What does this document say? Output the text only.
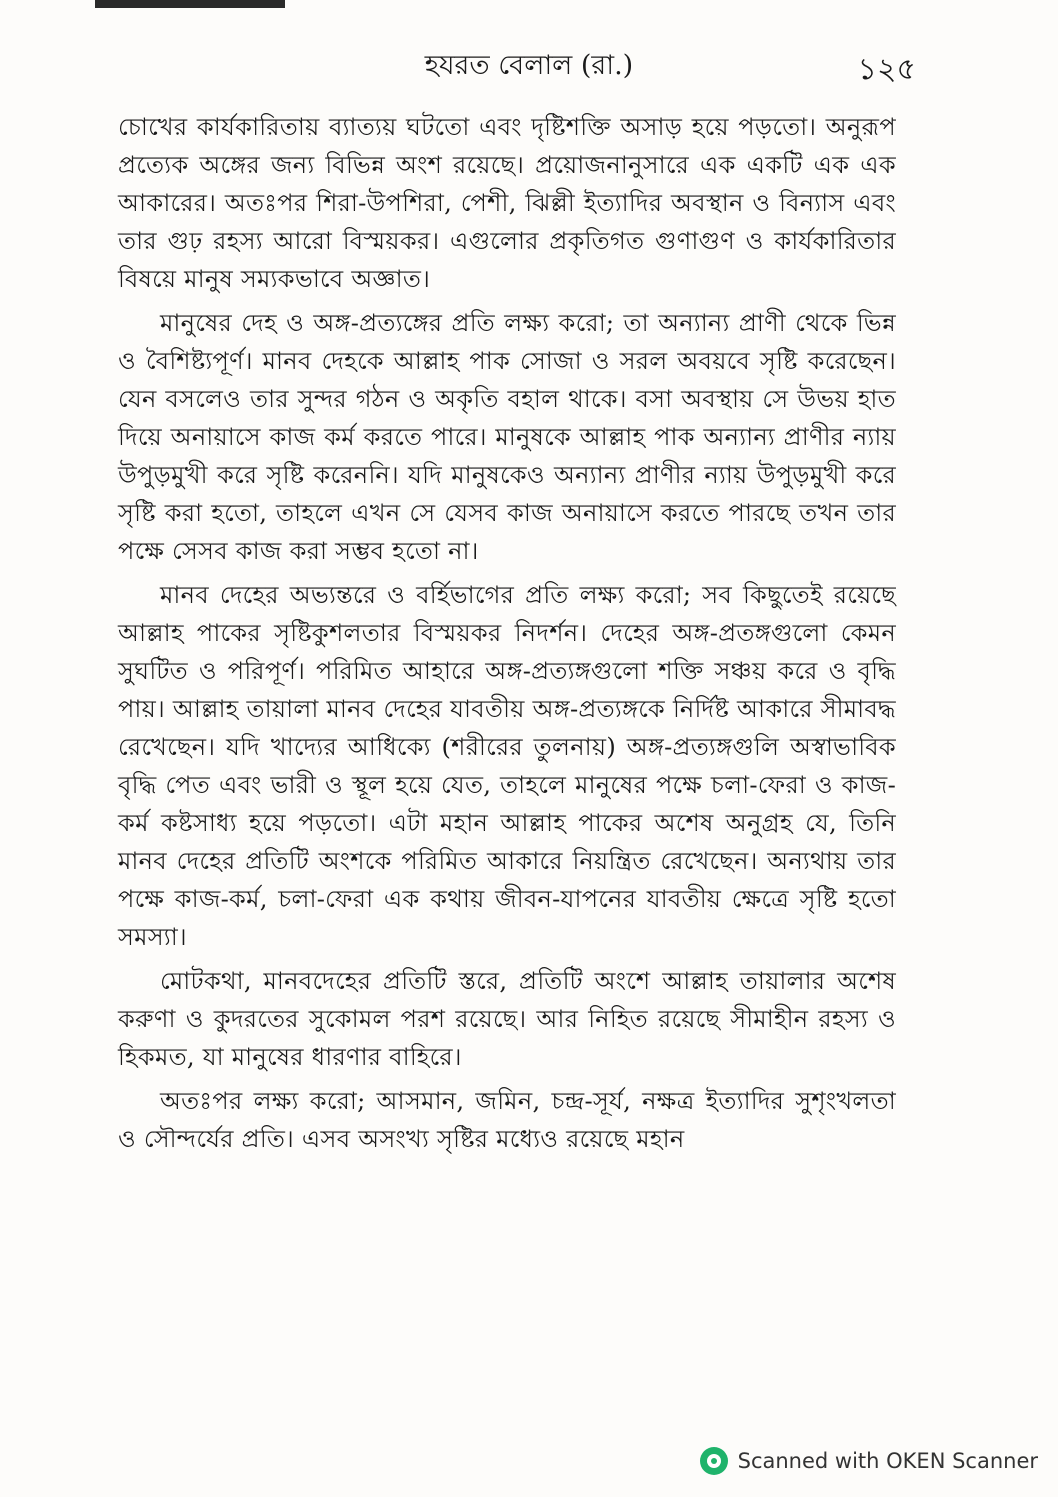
হযরত বেলাল (রা.)	১২৫

চোখের কার্যকারিতায় ব্যাত্যয় ঘটতো এবং দৃষ্টিশক্তি অসাড় হয়ে পড়তো। অনুরূপ প্রত্যেক অঙ্গের জন্য বিভিন্ন অংশ রয়েছে। প্রয়োজনানুসারে এক একটি এক এক আকারের। অতঃপর শিরা-উপশিরা, পেশী, ঝিল্লী ইত্যাদির অবস্থান ও বিন্যাস এবং তার গুঢ় রহস্য আরো বিস্ময়কর। এগুলোর প্রকৃতিগত গুণাগুণ ও কার্যকারিতার বিষয়ে মানুষ সম্যকভাবে অজ্ঞাত।

মানুষের দেহ ও অঙ্গ-প্রত্যঙ্গের প্রতি লক্ষ্য করো; তা অন্যান্য প্রাণী থেকে ভিন্ন ও বৈশিষ্ট্যপূর্ণ। মানব দেহকে আল্লাহ পাক সোজা ও সরল অবয়বে সৃষ্টি করেছেন। যেন বসলেও তার সুন্দর গঠন ও অকৃতি বহাল থাকে। বসা অবস্থায় সে উভয় হাত দিয়ে অনায়াসে কাজ কর্ম করতে পারে। মানুষকে আল্লাহ পাক অন্যান্য প্রাণীর ন্যায় উপুড়মুখী করে সৃষ্টি করেননি। যদি মানুষকেও অন্যান্য প্রাণীর ন্যায় উপুড়মুখী করে সৃষ্টি করা হতো, তাহলে এখন সে যেসব কাজ অনায়াসে করতে পারছে তখন তার পক্ষে সেসব কাজ করা সম্ভব হতো না।

মানব দেহের অভ্যন্তরে ও বর্হিভাগের প্রতি লক্ষ্য করো; সব কিছুতেই রয়েছে আল্লাহ পাকের সৃষ্টিকুশলতার বিস্ময়কর নিদর্শন। দেহের অঙ্গ-প্রতঙ্গগুলো কেমন সুঘটিত ও পরিপূর্ণ। পরিমিত আহারে অঙ্গ-প্রত্যঙ্গগুলো শক্তি সঞ্চয় করে ও বৃদ্ধি পায়। আল্লাহ তায়ালা মানব দেহের যাবতীয় অঙ্গ-প্রত্যঙ্গকে নির্দিষ্ট আকারে সীমাবদ্ধ রেখেছেন। যদি খাদ্যের আধিক্যে (শরীরের তুলনায়) অঙ্গ-প্রত্যঙ্গগুলি অস্বাভাবিক বৃদ্ধি পেত এবং ভারী ও স্থূল হয়ে যেত, তাহলে মানুষের পক্ষে চলা-ফেরা ও কাজ-কর্ম কষ্টসাধ্য হয়ে পড়তো। এটা মহান আল্লাহ পাকের অশেষ অনুগ্রহ যে, তিনি মানব দেহের প্রতিটি অংশকে পরিমিত আকারে নিয়ন্ত্রিত রেখেছেন। অন্যথায় তার পক্ষে কাজ-কর্ম, চলা-ফেরা এক কথায় জীবন-যাপনের যাবতীয় ক্ষেত্রে সৃষ্টি হতো সমস্যা।

মোটকথা, মানবদেহের প্রতিটি স্তরে, প্রতিটি অংশে আল্লাহ তায়ালার অশেষ করুণা ও কুদরতের সুকোমল পরশ রয়েছে। আর নিহিত রয়েছে সীমাহীন রহস্য ও হিকমত, যা মানুষের ধারণার বাহিরে।

অতঃপর লক্ষ্য করো; আসমান, জমিন, চন্দ্র-সূর্য, নক্ষত্র ইত্যাদির সুশৃংখলতা ও সৌন্দর্যের প্রতি। এসব অসংখ্য সৃষ্টির মধ্যেও রয়েছে মহান

Scanned with OKEN Scanner
